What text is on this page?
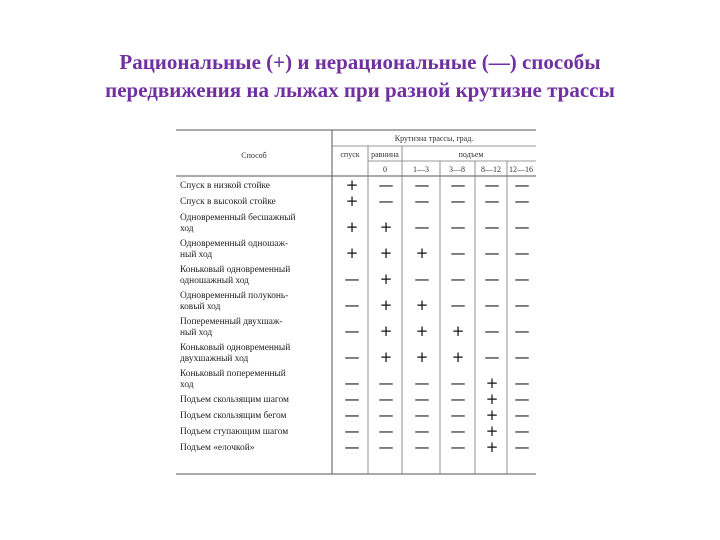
Рациональные (+) и нерациональные (—) способы
передвижения на лыжах при разной крутизне трассы
Способ
Крутизна трассы, град.
спуск равнина	подъем
0	1—3	3—8 8—12 12—16
Спуск в низкой стойке	+ — — — — —
Спуск в высокой стойке	+ — — — — —
Одновременный бесшажный
ход	+ + — — — —
Одновременный одношаж-
ный ход	+ + + — — —
Коньковый одновременный
одношажный ход	— + — — — —
Одновременный полуконь-
ковый ход	— + + — — —
Попеременный двухшаж-
ный ход	— + + + — —
Коньковый одновременный
двухшажный ход	— + + + — —
Коньковый попеременный
ход	— — — — + —
Подъем скользящим шагом	— — — — + —
Подъем скользящим бегом	— — — — + —
Подъем ступающим шагом	— — — — + —
Подъем «елочкой»	— — — — + —
